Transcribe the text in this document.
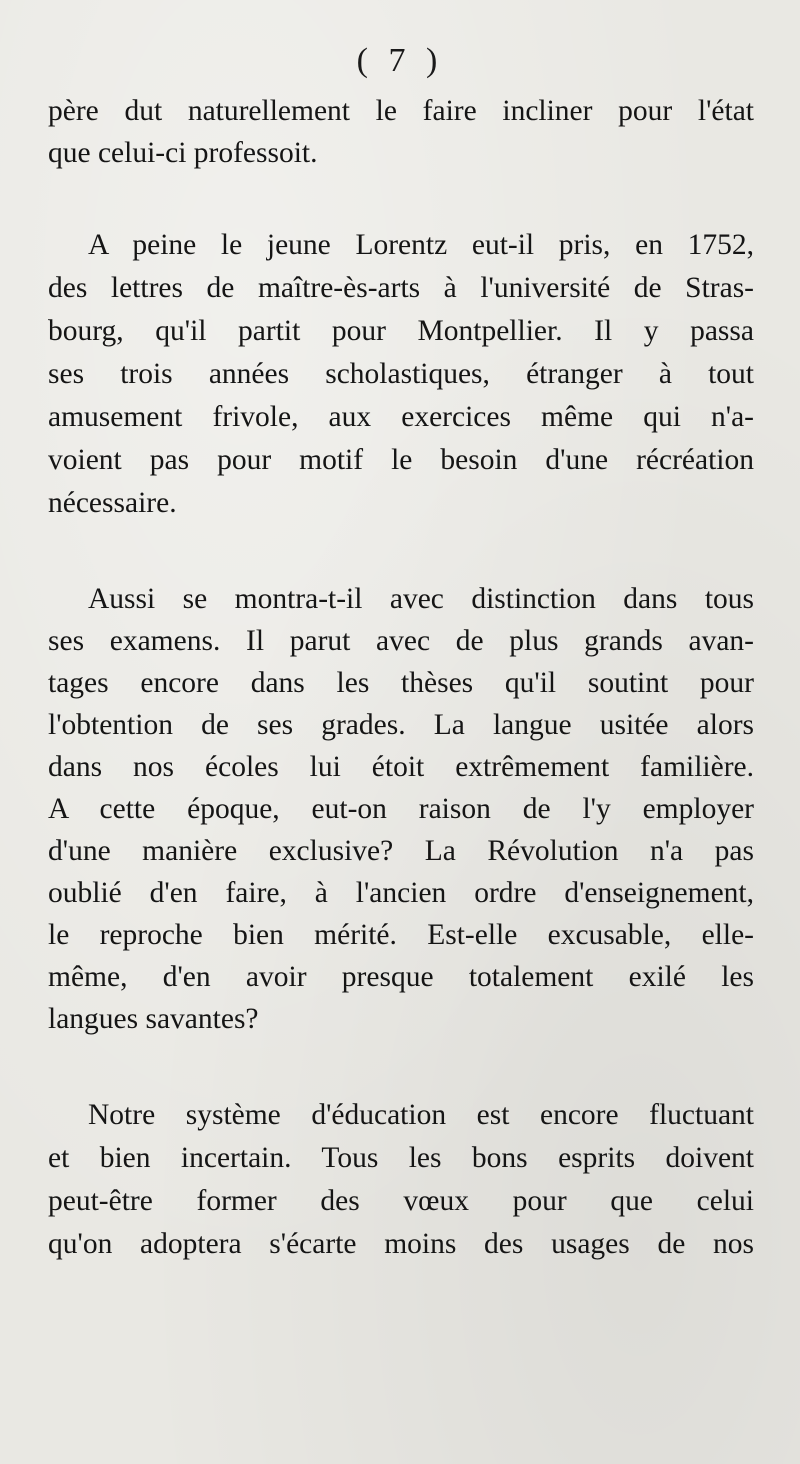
( 7 )
père dut naturellement le faire incliner pour l'état
que celui-ci professoit.
A peine le jeune Lorentz eut-il pris, en 1752,
des lettres de maître-ès-arts à l'université de Stras-
bourg, qu'il partit pour Montpellier. Il y passa
ses trois années scholastiques, étranger à tout
amusement frivole, aux exercices même qui n'a-
voient pas pour motif le besoin d'une récréation
nécessaire.
Aussi se montra-t-il avec distinction dans tous
ses examens. Il parut avec de plus grands avan-
tages encore dans les thèses qu'il soutint pour
l'obtention de ses grades. La langue usitée alors
dans nos écoles lui étoit extrêmement familière.
A cette époque, eut-on raison de l'y employer
d'une manière exclusive? La Révolution n'a pas
oublié d'en faire, à l'ancien ordre d'enseignement,
le reproche bien mérité. Est-elle excusable, elle-
même, d'en avoir presque totalement exilé les
langues savantes?
Notre système d'éducation est encore fluctuant
et bien incertain. Tous les bons esprits doivent
peut-être former des vœux pour que celui
qu'on adoptera s'écarte moins des usages de nos
